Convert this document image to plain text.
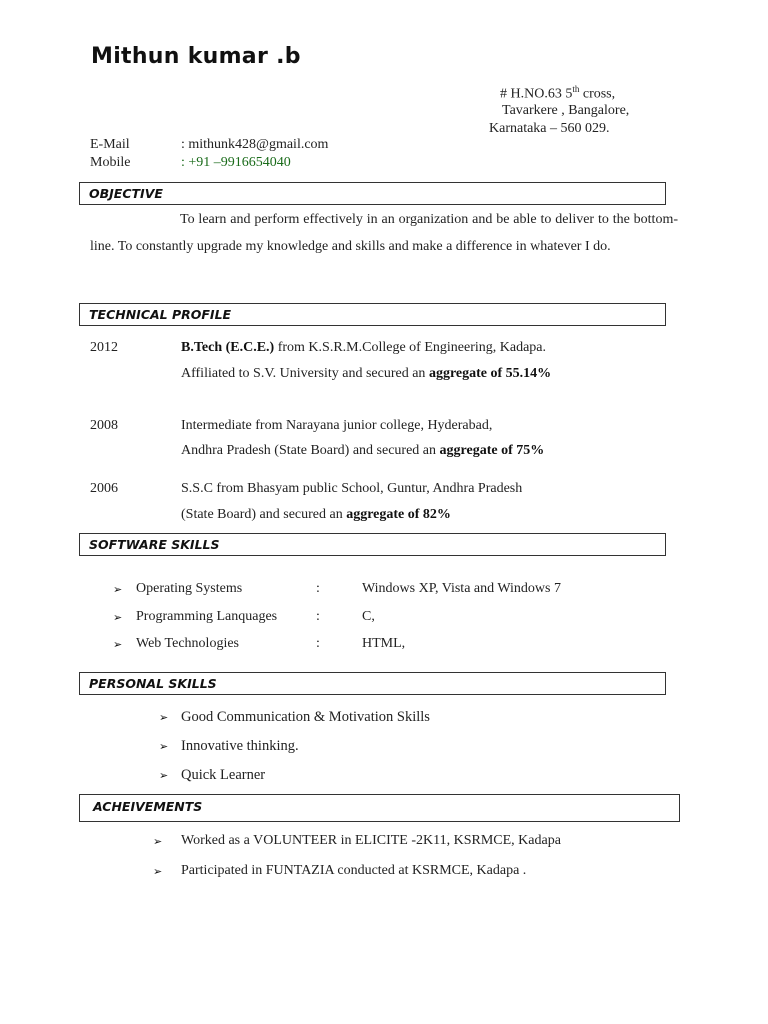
Mithun kumar .b
# H.NO.63 5th cross,
Tavarkere , Bangalore,
Karnataka – 560 029.
E-Mail	: mithunk428@gmail.com
Mobile	: +91 –9916654040
OBJECTIVE
To learn and perform effectively in an organization and be able to deliver to the bottom-line. To constantly upgrade my knowledge and skills and make a difference in whatever I do.
TECHNICAL PROFILE
2012	B.Tech (E.C.E.) from K.S.R.M.College of Engineering, Kadapa.
Affiliated to S.V. University and secured an aggregate of 55.14%
2008	Intermediate from Narayana junior college, Hyderabad,
Andhra Pradesh (State Board) and secured an aggregate of 75%
2006	S.S.C from Bhasyam public School, Guntur, Andhra Pradesh
(State Board) and secured an aggregate of 82%
SOFTWARE SKILLS
➢ Operating Systems	:	Windows XP, Vista and Windows 7
➢ Programming Lanquages	:	C,
➢ Web Technologies	:	HTML,
PERSONAL SKILLS
➢ Good Communication & Motivation Skills
➢ Innovative thinking.
➢ Quick Learner
ACHEIVEMENTS
➢ Worked as a VOLUNTEER in ELICITE -2K11, KSRMCE, Kadapa
➢ Participated in FUNTAZIA conducted at KSRMCE, Kadapa .
